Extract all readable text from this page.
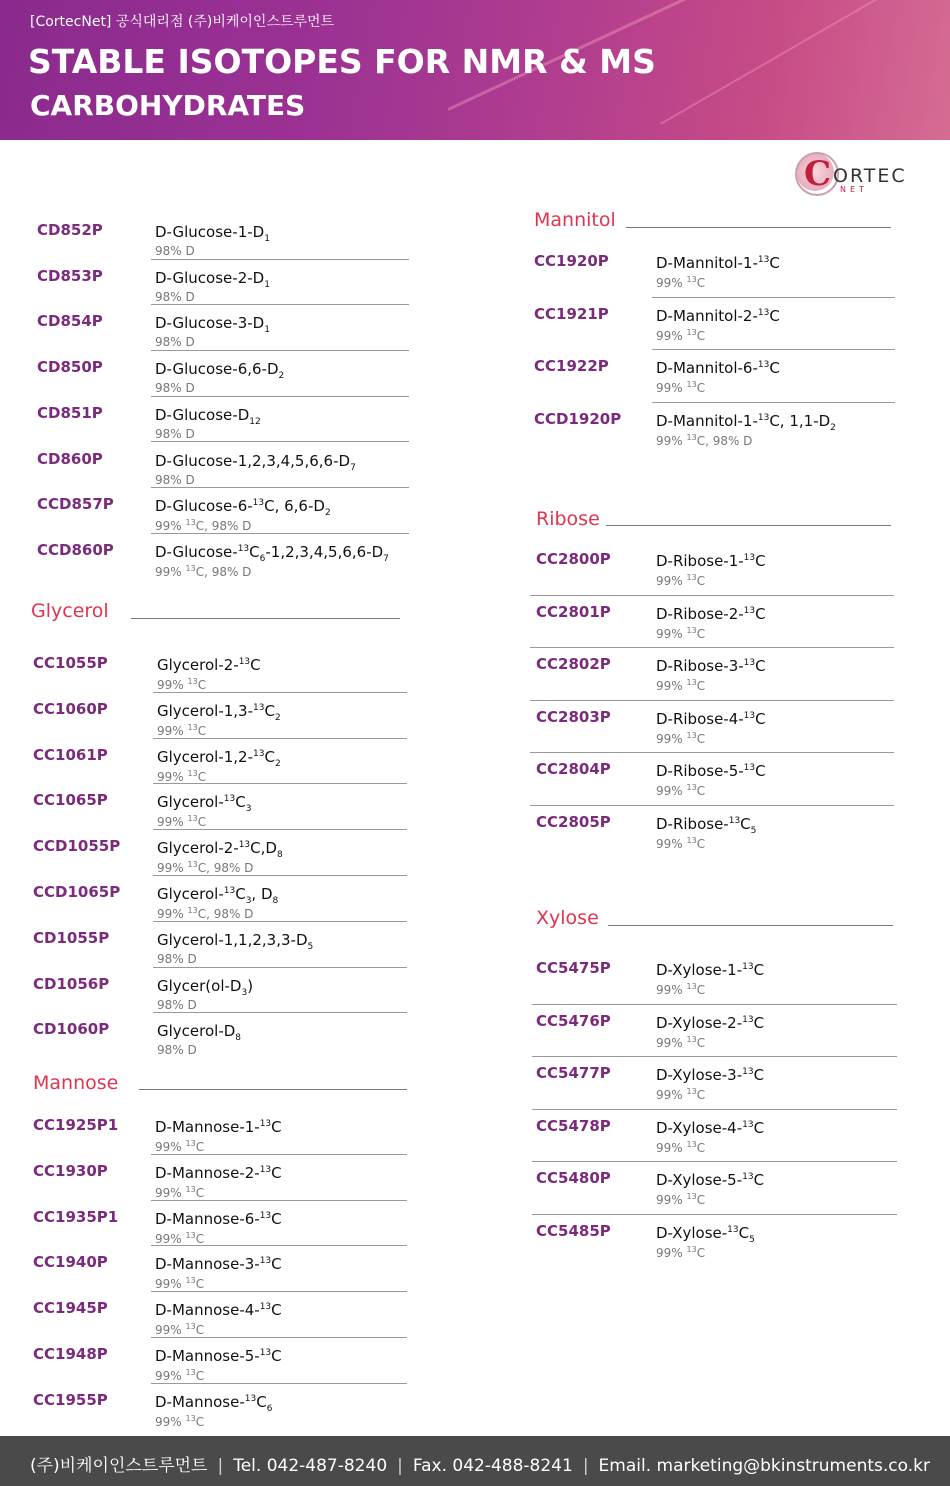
[CortecNet] 공식대리점 (주)비케이인스트루먼트
STABLE ISOTOPES FOR NMR & MS
CARBOHYDRATES
C ORTEC
NET
CD852P	$D-Glucose-1-D_1$
98% D
CD853P	$D-Glucose-2-D_1$
98% D
CD854P	$D-Glucose-3-D_1$
98% D
CD850P	$D-Glucose-6,6-D_2$
98% D
CD851P	$D-Glucose-D_{12}$
98% D
CD860P	$D-Glucose-1,2,3,4,5,6,6-D_7$
98% D
CCD857P	D-Glucose-6-$^{13}$C, $6,6-D_2$
99% $^{13}$C, 98% D
CCD860P	$D-Glucose-^{13}C_6-1,2,3,4,5,6,6-D_7$
99% $^{13}$C, 98% D
Glycerol
CC1055P	Glycerol-2-$^{13}$C
99% $^{13}$C
CC1060P	Glycerol-$1,3-^{13}C_2$
99% $^{13}$C
CC1061P	Glycerol-$1,2-^{13}C_2$
99% $^{13}$C
CC1065P	Glycerol-$^{13}C_3$
99% $^{13}$C
CCD1055P Glycerol-$2-^{13}C,D_8$
99% $^{13}$C, 98% D
CCD1065P Glycerol-$^{13}C_3$, $D_8$
99% $^{13}$C, 98% D
CD1055P	Glycerol-$1,1,2,3,3-D_5$
98% D
CD1056P	$Glycer(ol-D_3)$
98% D
CD1060P	Glycerol-$D_8$
98% D
Mannose
CC1925P1 D-Mannose-1-$^{13}$C
99% $^{13}$C
CC1930P	D-Mannose-2-$^{13}$C
99% $^{13}$C
CC1935P1 D-Mannose-6-$^{13}$C
99% $^{13}$C
CC1940P	D-Mannose-3-$^{13}$C
99% $^{13}$C
CC1945P	D-Mannose-4-$^{13}$C
99% $^{13}$C
CC1948P	D-Mannose-5-$^{13}$C
99% $^{13}$C
CC1955P	$D-Mannose-^{13}C_6$
99% $^{13}$C
Mannitol
CC1920P	D-Mannitol-1-$^{13}$C
99% $^{13}$C
CC1921P	D-Mannitol-2-$^{13}$C
99% $^{13}$C
CC1922P	D-Mannitol-6-$^{13}$C
99% $^{13}$C
CCD1920P D-Mannitol-1-$^{13}$C, $1,1-D_2$
99% $^{13}$C, 98% D
Ribose
CC2800P	D-Ribose-1-$^{13}$C
99% $^{13}$C
CC2801P	D-Ribose-2-$^{13}$C
99% $^{13}$C
CC2802P	D-Ribose-3-$^{13}$C
99% $^{13}$C
CC2803P	D-Ribose-4-$^{13}$C
99% $^{13}$C
CC2804P	D-Ribose-5-$^{13}$C
99% $^{13}$C
CC2805P	$D-Ribose-^{13}C_5$
99% $^{13}$C
Xylose
CC5475P	D-Xylose-1-$^{13}$C
99% $^{13}$C
CC5476P	D-Xylose-2-$^{13}$C
99% $^{13}$C
CC5477P	D-Xylose-3-$^{13}$C
99% $^{13}$C
CC5478P	D-Xylose-4-$^{13}$C
99% $^{13}$C
CC5480P	D-Xylose-5-$^{13}$C
99% $^{13}$C
CC5485P	$D-Xylose-^{13}C_5$
99% $^{13}$C
(주)비케이인스트루먼트 | Tel. 042-487-8240 | Fax. 042-488-8241 | Email. marketing@bkinstruments.co.kr
